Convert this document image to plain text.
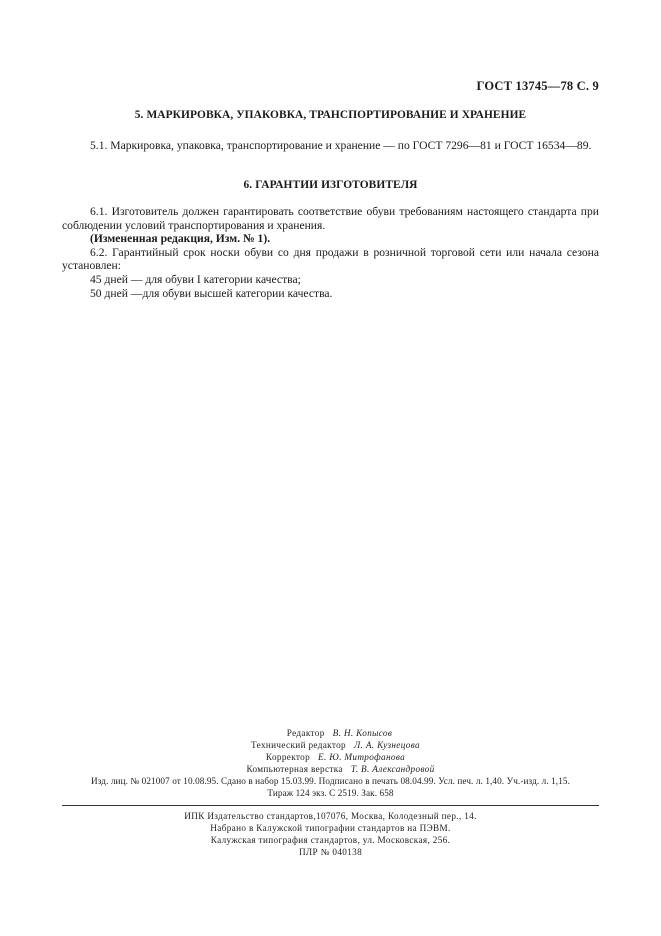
ГОСТ 13745—78 С. 9
5. МАРКИРОВКА, УПАКОВКА, ТРАНСПОРТИРОВАНИЕ И ХРАНЕНИЕ

5.1. Маркировка, упаковка, транспортирование и хранение — по ГОСТ 7296—81 и ГОСТ 16534—89.

6. ГАРАНТИИ ИЗГОТОВИТЕЛЯ

6.1. Изготовитель должен гарантировать соответствие обуви требованиям настоящего стандарта при соблюдении условий транспортирования и хранения.

(Измененная редакция, Изм. № 1).

6.2. Гарантийный срок носки обуви со дня продажи в розничной торговой сети или начала сезона установлен:

45 дней — для обуви I категории качества;

50 дней —для обуви высшей категории качества.

Редактор В. Н. Копысов
Технический редактор Л. А. Кузнецова
Корректор Е. Ю. Митрофанова
Компьютерная верстка Т. В. Александровой
Изд. лиц. № 021007 от 10.08.95. Сдано в набор 15.03.99. Подписано в печать 08.04.99. Усл. печ. л. 1,40. Уч.-изд. л. 1,15.
Тираж 124 экз. С 2519. Зак. 658
ИПК Издательство стандартов,107076, Москва, Колодезный пер., 14.
Набрано в Калужской типографии стандартов на ПЭВМ.
Калужская типография стандартов, ул. Московская, 256.
ПЛР № 040138
